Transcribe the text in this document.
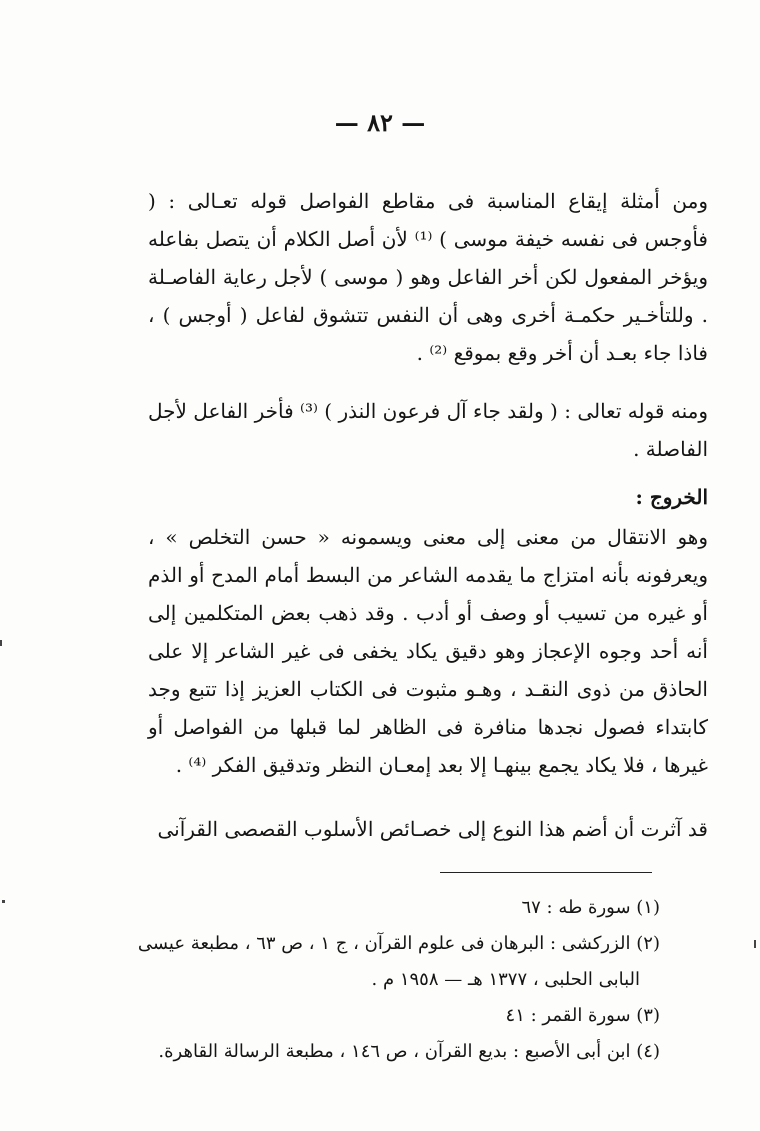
— ٨٢ —

ومن أمثلة إيقاع المناسبة فى مقاطع الفواصل قوله تعـالى : ( فأوجس فى نفسه خيفة موسى ) ⁽¹⁾ لأن أصل الكلام أن يتصل بفاعله ويؤخر المفعول لكن أخر الفاعل وهو ( موسى ) لأجل رعاية الفاصـلة . وللتأخـير حكمـة أخرى وهى أن النفس تتشوق لفاعل ( أوجس ) ، فاذا جاء بعـد أن أخر وقع بموقع ⁽²⁾ .

ومنه قوله تعالى : ( ولقد جاء آل فرعون النذر ) ⁽³⁾ فأخر الفاعل لأجل الفاصلة .

الخروج :

وهو الانتقال من معنى إلى معنى ويسمونه « حسن التخلص » ، ويعرفونه بأنه امتزاج ما يقدمه الشاعر من البسط أمام المدح أو الذم أو غيره من تسيب أو وصف أو أدب . وقد ذهب بعض المتكلمين إلى أنه أحد وجوه الإعجاز وهو دقيق يكاد يخفى فى غير الشاعر إلا على الحاذق من ذوى النقـد ، وهـو مثبوت فى الكتاب العزيز إذا تتبع وجد كابتداء فصول نجدها منافرة فى الظاهر لما قبلها من الفواصل أو غيرها ، فلا يكاد يجمع بينهـا إلا بعد إمعـان النظر وتدقيق الفكر ⁽⁴⁾ .

قد آثرت أن أضم هذا النوع إلى خصـائص الأسلوب القصصى القرآنى

(١) سورة طه : ٦٧

(٢) الزركشى : البرهان فى علوم القرآن ، ج ١ ، ص ٦٣ ، مطبعة عيسى

البابى الحلبى ، ١٣٧٧ هـ — ١٩٥٨ م .

(٣) سورة القمر : ٤١

(٤) ابن أبى الأصبع : بديع القرآن ، ص ١٤٦ ، مطبعة الرسالة القاهرة.
